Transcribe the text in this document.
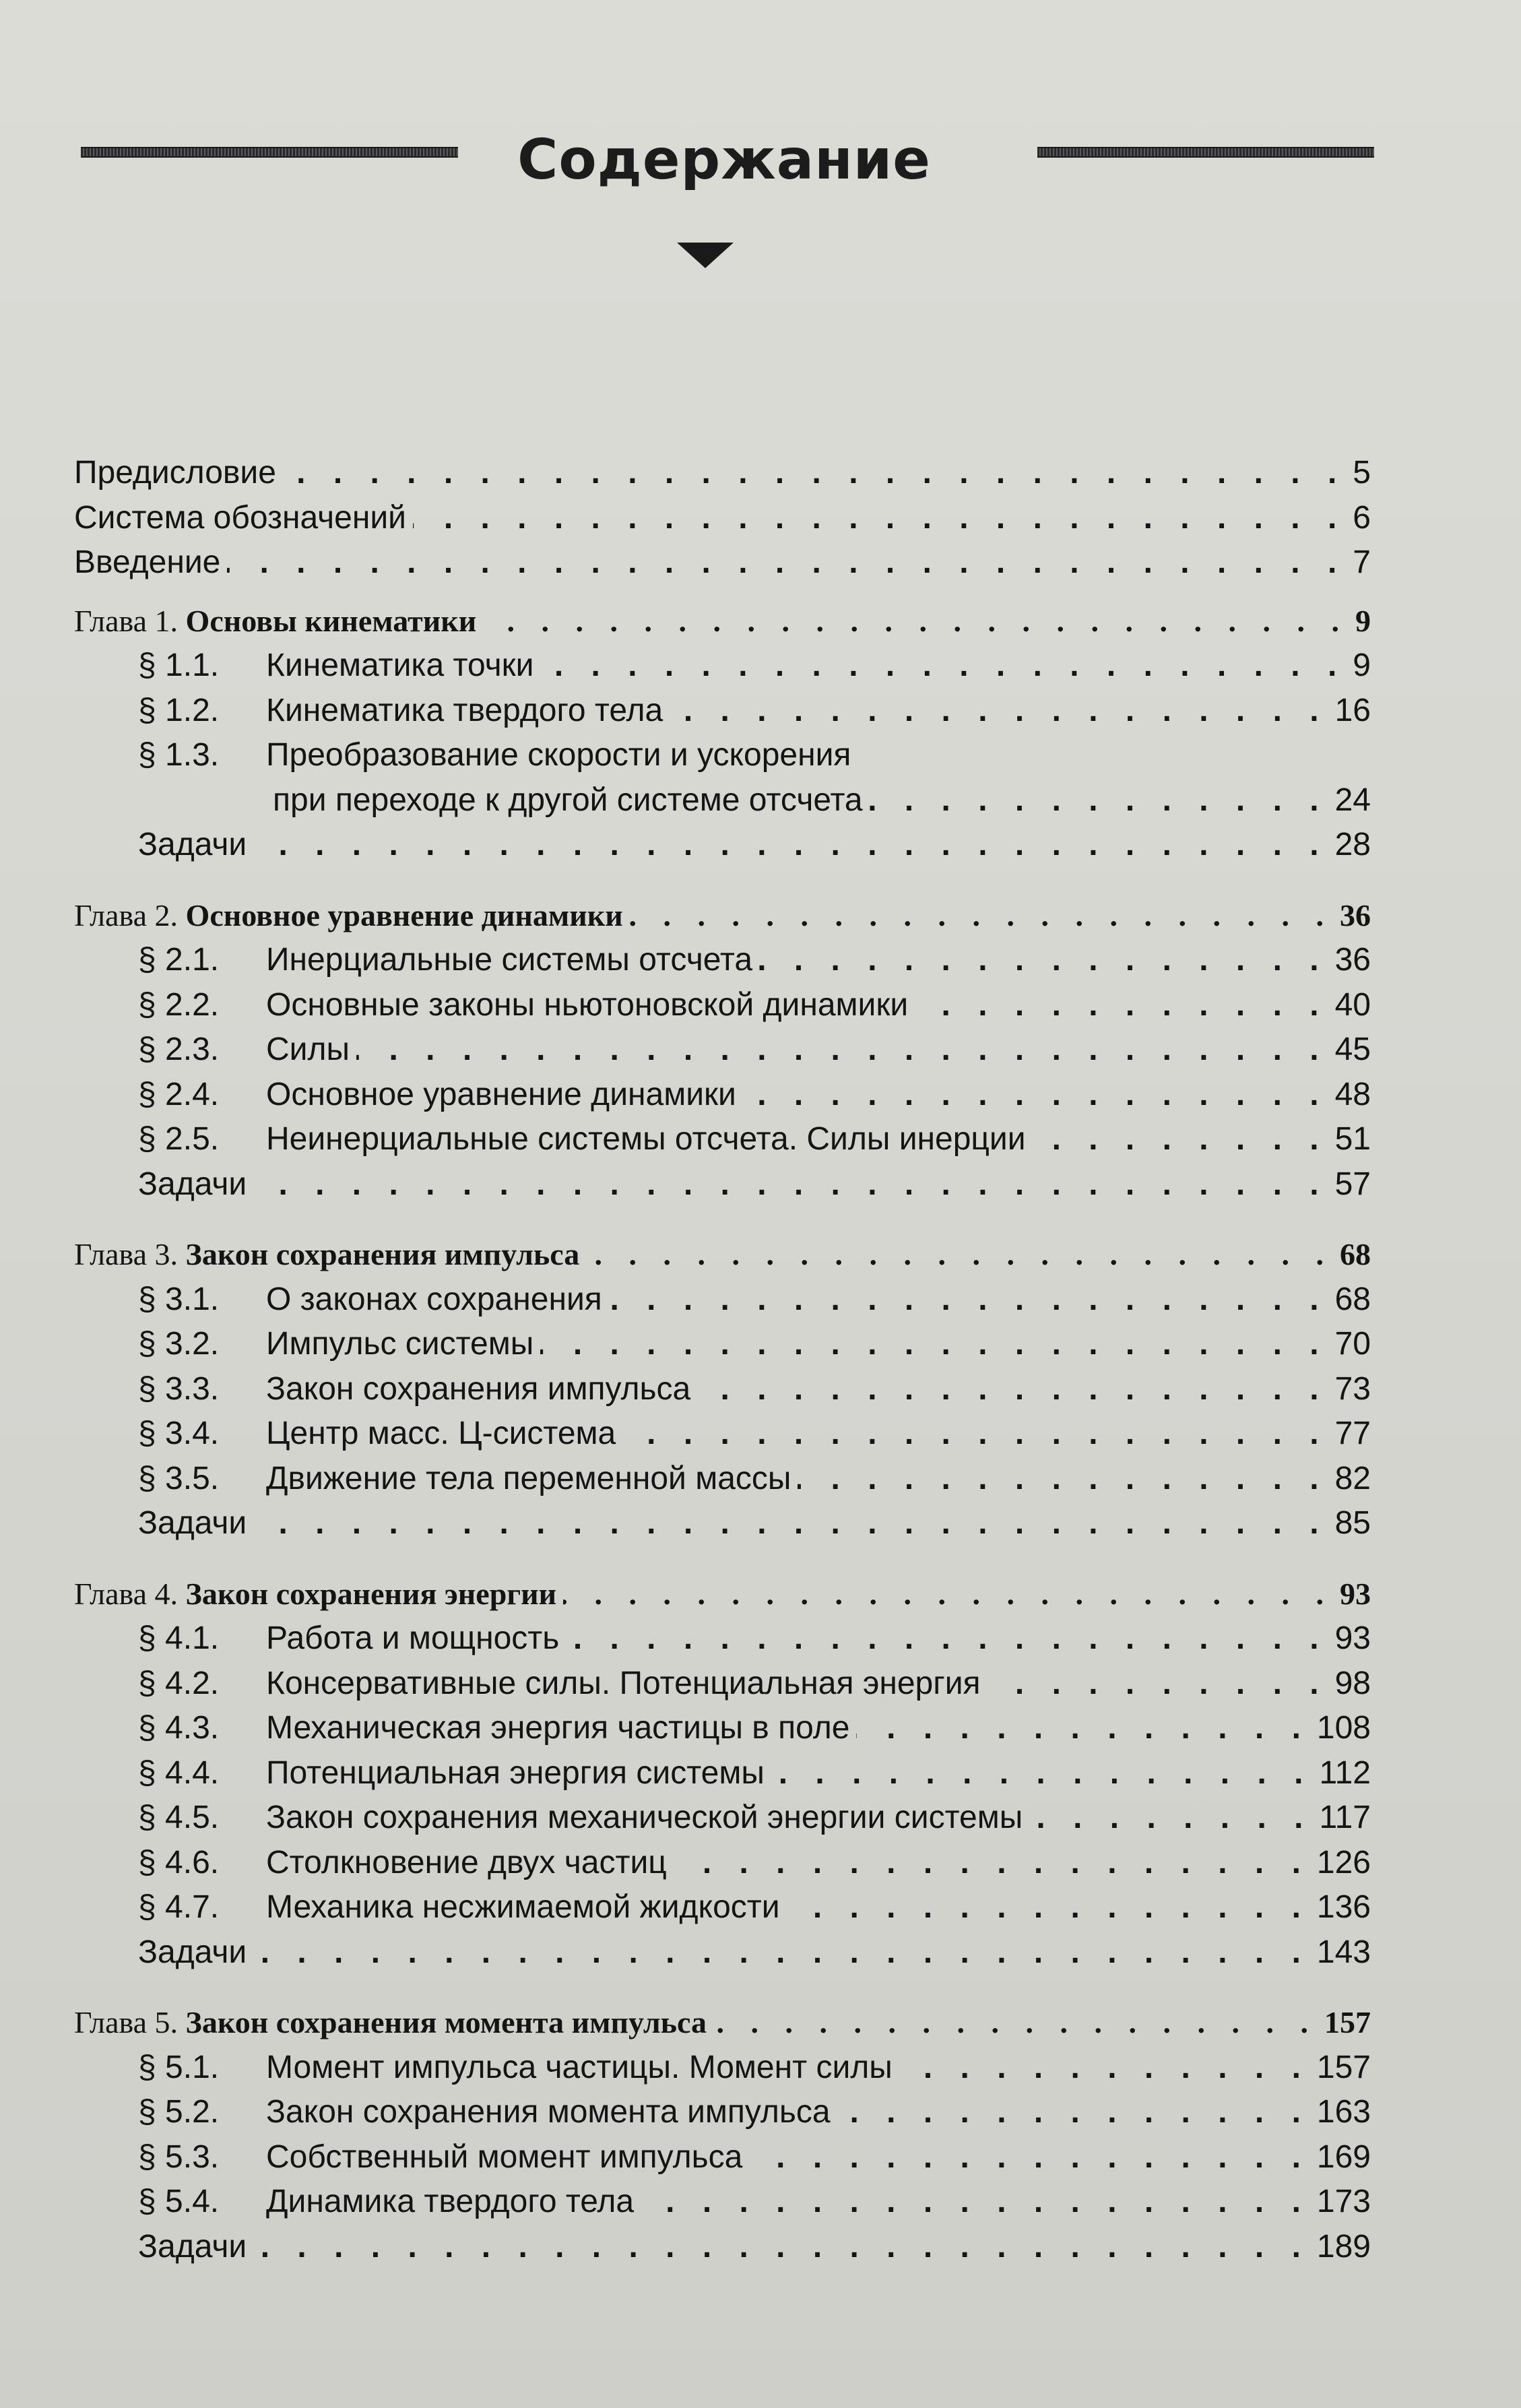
Содержание
Предисловие . . .	5
Система обозначений . . .	6
Введение . . .	7
Глава 1. Основы кинематики . . .	9
§ 1.1. Кинематика точки . . .	9
§ 1.2. Кинематика твердого тела . . .	16
§ 1.3. Преобразование скорости и ускорения
при переходе к другой системе отсчета . . .	24
Задачи . . .	28
Глава 2. Основное уравнение динамики . . .	36
§ 2.1. Инерциальные системы отсчета . . .	36
§ 2.2. Основные законы ньютоновской динамики . . .	40
§ 2.3. Силы . . .	45
§ 2.4. Основное уравнение динамики . . .	48
§ 2.5. Неинерциальные системы отсчета. Силы инерции . . .	51
Задачи . . .	57
Глава 3. Закон сохранения импульса . . .	68
§ 3.1. О законах сохранения . . .	68
§ 3.2. Импульс системы . . .	70
§ 3.3. Закон сохранения импульса . . .	73
§ 3.4. Центр масс. Ц-система . . .	77
§ 3.5. Движение тела переменной массы . . .	82
Задачи . . .	85
Глава 4. Закон сохранения энергии . . .	93
§ 4.1. Работа и мощность . . .	93
§ 4.2. Консервативные силы. Потенциальная энергия . . .	98
§ 4.3. Механическая энергия частицы в поле . . .	108
§ 4.4. Потенциальная энергия системы . . .	112
§ 4.5. Закон сохранения механической энергии системы . . .	117
§ 4.6. Столкновение двух частиц . . .	126
§ 4.7. Механика несжимаемой жидкости . . .	136
Задачи . . .	143
Глава 5. Закон сохранения момента импульса . . .	157
§ 5.1. Момент импульса частицы. Момент силы . . .	157
§ 5.2. Закон сохранения момента импульса . . .	163
§ 5.3. Собственный момент импульса . . .	169
§ 5.4. Динамика твердого тела . . .	173
Задачи . . .	189
